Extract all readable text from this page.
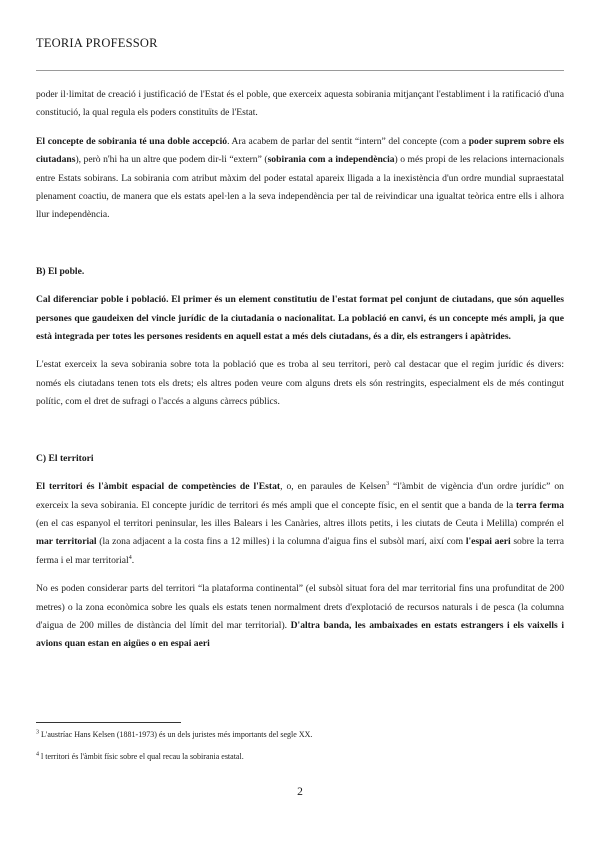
TEORIA PROFESSOR

poder il·limitat de creació i justificació de l'Estat és el poble, que exerceix aquesta sobirania mitjançant l'establiment i la ratificació d'una constitució, la qual regula els poders constituïts de l'Estat.

El concepte de sobirania té una doble accepció. Ara acabem de parlar del sentit “intern” del concepte (com a poder suprem sobre els ciutadans), però n'hi ha un altre que podem dir-li “extern” (sobirania com a independència) o més propi de les relacions internacionals entre Estats sobirans. La sobirania com atribut màxim del poder estatal apareix lligada a la inexistència d'un ordre mundial supraestatal plenament coactiu, de manera que els estats apel·len a la seva independència per tal de reivindicar una igualtat teòrica entre ells i alhora llur independència.

B) El poble.

Cal diferenciar poble i població. El primer és un element constitutiu de l'estat format pel conjunt de ciutadans, que són aquelles persones que gaudeixen del vincle jurídic de la ciutadania o nacionalitat. La població en canvi, és un concepte més ampli, ja que està integrada per totes les persones residents en aquell estat a més dels ciutadans, és a dir, els estrangers i apàtrides.

L'estat exerceix la seva sobirania sobre tota la població que es troba al seu territori, però cal destacar que el regim jurídic és divers: només els ciutadans tenen tots els drets; els altres poden veure com alguns drets els són restringits, especialment els de més contingut polític, com el dret de sufragi o l'accés a alguns càrrecs públics.

C) El territori

El territori és l'àmbit espacial de competències de l'Estat, o, en paraules de Kelsen$^3$ “l'àmbit de vigència d'un ordre jurídic” on exerceix la seva sobirania. El concepte jurídic de territori és més ampli que el concepte físic, en el sentit que a banda de la terra ferma (en el cas espanyol el territori peninsular, les illes Balears i les Canàries, altres illots petits, i les ciutats de Ceuta i Melilla) comprén el mar territorial (la zona adjacent a la costa fins a 12 milles) i la columna d'aigua fins el subsòl marí, així com l'espai aeri sobre la terra ferma i el mar territorial$^4$.

No es poden considerar parts del territori “la plataforma continental” (el subsòl situat fora del mar territorial fins una profunditat de 200 metres) o la zona econòmica sobre les quals els estats tenen normalment drets d'explotació de recursos naturals i de pesca (la columna d'aigua de 200 milles de distància del límit del mar territorial). D'altra banda, les ambaixades en estats estrangers i els vaixells i avions quan estan en aigües o en espai aeri

$^3$ L'austríac Hans Kelsen (1881-1973) és un dels juristes més importants del segle XX.

$^4$ l territori és l'àmbit físic sobre el qual recau la sobirania estatal.

2
